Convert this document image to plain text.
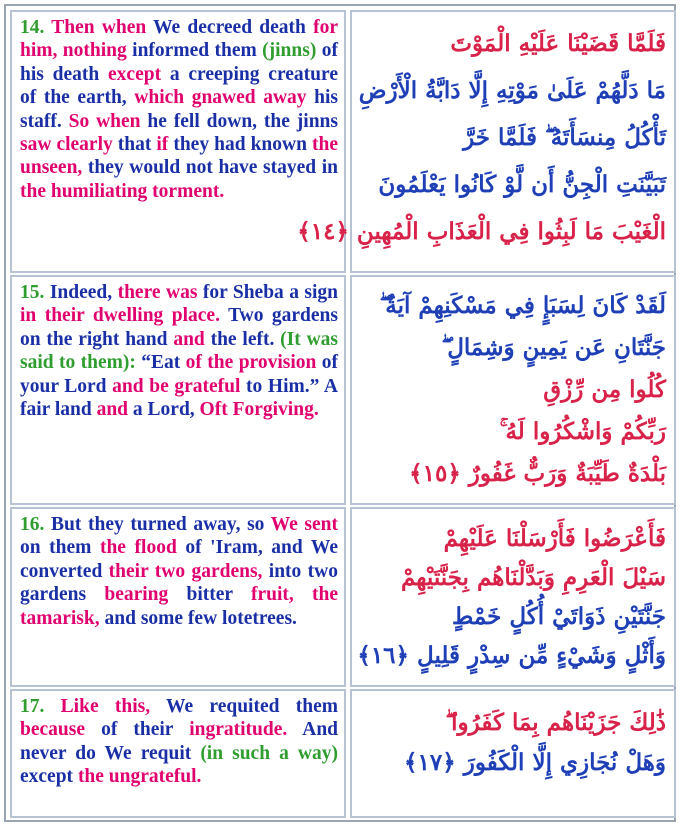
14. Then when We decreed death for him, nothing informed them (jinns) of his death except a creeping creature of the earth, which gnawed away his staff. So when he fell down, the jinns saw clearly that if they had known the unseen, they would not have stayed in the humiliating torment.

فَلَمَّا قَضَيْنَا عَلَيْهِ الْمَوْتَ

مَا دَلَّهُمْ عَلَىٰ مَوْتِهِ إِلَّا دَابَّةُ الْأَرْضِ

تَأْكُلُ مِنسَأَتَهُ ۖ فَلَمَّا خَرَّ

تَبَيَّنَتِ الْجِنُّ أَن لَّوْ كَانُوا يَعْلَمُونَ

الْغَيْبَ مَا لَبِثُوا فِي الْعَذَابِ الْمُهِينِ ﴿١٤﴾

15. Indeed, there was for Sheba a sign in their dwelling place. Two gardens on the right hand and the left. (It was said to them): “Eat of the provision of your Lord and be grateful to Him.” A fair land and a Lord, Oft Forgiving.

لَقَدْ كَانَ لِسَبَإٍ فِي مَسْكَنِهِمْ آيَةٌ ۖ

جَنَّتَانِ عَن يَمِينٍ وَشِمَالٍ ۖ

كُلُوا مِن رِّزْقِ

رَبِّكُمْ وَاشْكُرُوا لَهُ ۚ

بَلْدَةٌ طَيِّبَةٌ وَرَبٌّ غَفُورٌ ﴿١٥﴾

16. But they turned away, so We sent on them the flood of 'Iram, and We converted their two gardens, into two gardens bearing bitter fruit, the tamarisk, and some few lotetrees.

فَأَعْرَضُوا فَأَرْسَلْنَا عَلَيْهِمْ

سَيْلَ الْعَرِمِ وَبَدَّلْنَاهُم بِجَنَّتَيْهِمْ

جَنَّتَيْنِ ذَوَاتَيْ أُكُلٍ خَمْطٍ

وَأَثْلٍ وَشَيْءٍ مِّن سِدْرٍ قَلِيلٍ ﴿١٦﴾

17. Like this, We requited them because of their ingratitude. And never do We requit (in such a way) except the ungrateful.

ذَٰلِكَ جَزَيْنَاهُم بِمَا كَفَرُوا ۖ

وَهَلْ نُجَازِي إِلَّا الْكَفُورَ ﴿١٧﴾
